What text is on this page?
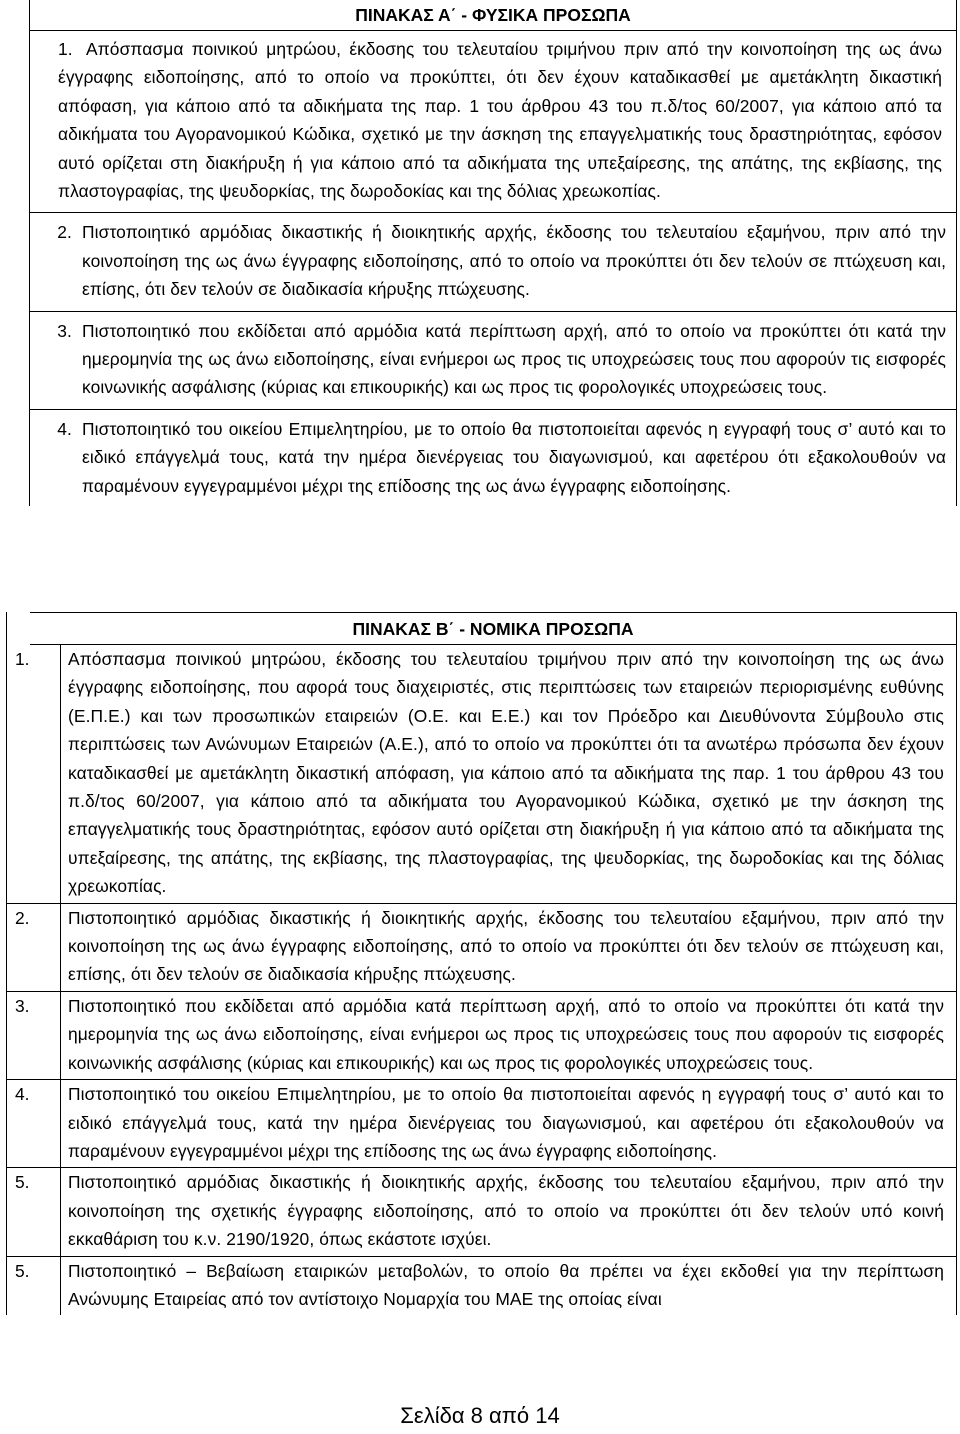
ΠΙΝΑΚΑΣ Α΄ - ΦΥΣΙΚΑ ΠΡΟΣΩΠΑ

1. Απόσπασμα ποινικού μητρώου, έκδοσης του τελευταίου τριμήνου πριν από την κοινοποίηση της ως άνω έγγραφης ειδοποίησης, από το οποίο να προκύπτει, ότι δεν έχουν καταδικασθεί με αμετάκλητη δικαστική απόφαση, για κάποιο από τα αδικήματα της παρ. 1 του άρθρου 43 του π.δ/τος 60/2007, για κάποιο από τα αδικήματα του Αγορανομικού Κώδικα, σχετικό με την άσκηση της επαγγελματικής τους δραστηριότητας, εφόσον αυτό ορίζεται στη διακήρυξη ή για κάποιο από τα αδικήματα της υπεξαίρεσης, της απάτης, της εκβίασης, της πλαστογραφίας, της ψευδορκίας, της δωροδοκίας και της δόλιας χρεωκοπίας.
2. Πιστοποιητικό αρμόδιας δικαστικής ή διοικητικής αρχής, έκδοσης του τελευταίου εξαμήνου, πριν από την κοινοποίηση της ως άνω έγγραφης ειδοποίησης, από το οποίο να προκύπτει ότι δεν τελούν σε πτώχευση και, επίσης, ότι δεν τελούν σε διαδικασία κήρυξης πτώχευσης.
3. Πιστοποιητικό που εκδίδεται από αρμόδια κατά περίπτωση αρχή, από το οποίο να προκύπτει ότι κατά την ημερομηνία της ως άνω ειδοποίησης, είναι ενήμεροι ως προς τις υποχρεώσεις τους που αφορούν τις εισφορές κοινωνικής ασφάλισης (κύριας και επικουρικής) και ως προς τις φορολογικές υποχρεώσεις τους.
4. Πιστοποιητικό του οικείου Επιμελητηρίου, με το οποίο θα πιστοποιείται αφενός η εγγραφή τους σ’ αυτό και το ειδικό επάγγελμά τους, κατά την ημέρα διενέργειας του διαγωνισμού, και αφετέρου ότι εξακολουθούν να παραμένουν εγγεγραμμένοι μέχρι της επίδοσης της ως άνω έγγραφης ειδοποίησης.

ΠΙΝΑΚΑΣ Β΄ - ΝΟΜΙΚΑ ΠΡΟΣΩΠΑ

1.	Απόσπασμα ποινικού μητρώου, έκδοσης του τελευταίου τριμήνου πριν από την κοινοποίηση της ως άνω έγγραφης ειδοποίησης, που αφορά τους διαχειριστές, στις περιπτώσεις των εταιρειών περιορισμένης ευθύνης (Ε.Π.Ε.) και των προσωπικών εταιρειών (Ο.Ε. και Ε.Ε.) και τον Πρόεδρο και Διευθύνοντα Σύμβουλο στις περιπτώσεις των Ανώνυμων Εταιρειών (Α.Ε.), από το οποίο να προκύπτει ότι τα ανωτέρω πρόσωπα δεν έχουν καταδικασθεί με αμετάκλητη δικαστική απόφαση, για κάποιο από τα αδικήματα της παρ. 1 του άρθρου 43 του π.δ/τος 60/2007, για κάποιο από τα αδικήματα του Αγορανομικού Κώδικα, σχετικό με την άσκηση της επαγγελματικής τους δραστηριότητας, εφόσον αυτό ορίζεται στη διακήρυξη ή για κάποιο από τα αδικήματα της υπεξαίρεσης, της απάτης, της εκβίασης, της πλαστογραφίας, της ψευδορκίας, της δωροδοκίας και της δόλιας χρεωκοπίας.
2.	Πιστοποιητικό αρμόδιας δικαστικής ή διοικητικής αρχής, έκδοσης του τελευταίου εξαμήνου, πριν από την κοινοποίηση της ως άνω έγγραφης ειδοποίησης, από το οποίο να προκύπτει ότι δεν τελούν σε πτώχευση και, επίσης, ότι δεν τελούν σε διαδικασία κήρυξης πτώχευσης.
3.	Πιστοποιητικό που εκδίδεται από αρμόδια κατά περίπτωση αρχή, από το οποίο να προκύπτει ότι κατά την ημερομηνία της ως άνω ειδοποίησης, είναι ενήμεροι ως προς τις υποχρεώσεις τους που αφορούν τις εισφορές κοινωνικής ασφάλισης (κύριας και επικουρικής) και ως προς τις φορολογικές υποχρεώσεις τους.
4.	Πιστοποιητικό του οικείου Επιμελητηρίου, με το οποίο θα πιστοποιείται αφενός η εγγραφή τους σ’ αυτό και το ειδικό επάγγελμά τους, κατά την ημέρα διενέργειας του διαγωνισμού, και αφετέρου ότι εξακολουθούν να παραμένουν εγγεγραμμένοι μέχρι της επίδοσης της ως άνω έγγραφης ειδοποίησης.
5.	Πιστοποιητικό αρμόδιας δικαστικής ή διοικητικής αρχής, έκδοσης του τελευταίου εξαμήνου, πριν από την κοινοποίηση της σχετικής έγγραφης ειδοποίησης, από το οποίο να προκύπτει ότι δεν τελούν υπό κοινή εκκαθάριση του κ.ν. 2190/1920, όπως εκάστοτε ισχύει.
5.	Πιστοποιητικό – Βεβαίωση εταιρικών μεταβολών, το οποίο θα πρέπει να έχει εκδοθεί για την περίπτωση Ανώνυμης Εταιρείας από τον αντίστοιχο Νομαρχία του ΜΑΕ της οποίας είναι
Σελίδα 8 από 14
